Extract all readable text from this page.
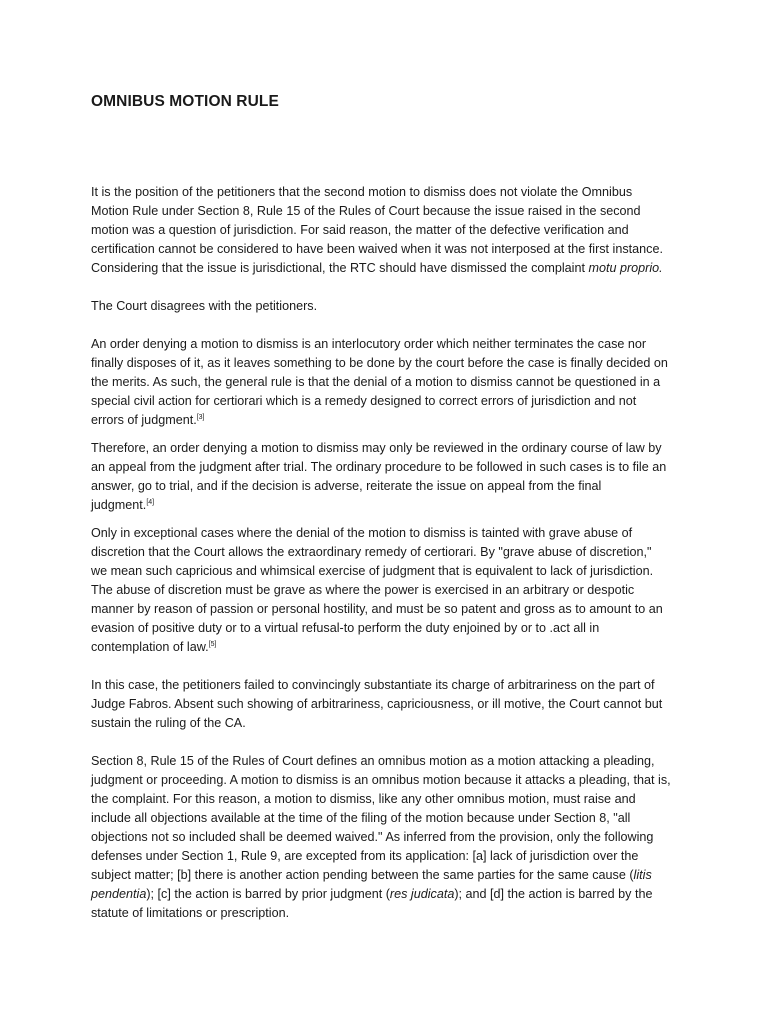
OMNIBUS MOTION RULE

It is the position of the petitioners that the second motion to dismiss does not violate the Omnibus
Motion Rule under Section 8, Rule 15 of the Rules of Court because the issue raised in the second
motion was a question of jurisdiction. For said reason, the matter of the defective verification and
certification cannot be considered to have been waived when it was not interposed at the first instance.
Considering that the issue is jurisdictional, the RTC should have dismissed the complaint motu proprio.

The Court disagrees with the petitioners.

An order denying a motion to dismiss is an interlocutory order which neither terminates the case nor
finally disposes of it, as it leaves something to be done by the court before the case is finally decided on
the merits. As such, the general rule is that the denial of a motion to dismiss cannot be questioned in a
special civil action for certiorari which is a remedy designed to correct errors of jurisdiction and not
errors of judgment.[3]

Therefore, an order denying a motion to dismiss may only be reviewed in the ordinary course of law by
an appeal from the judgment after trial. The ordinary procedure to be followed in such cases is to file an
answer, go to trial, and if the decision is adverse, reiterate the issue on appeal from the final
judgment.[4]

Only in exceptional cases where the denial of the motion to dismiss is tainted with grave abuse of
discretion that the Court allows the extraordinary remedy of certiorari. By "grave abuse of discretion,"
we mean such capricious and whimsical exercise of judgment that is equivalent to lack of jurisdiction.
The abuse of discretion must be grave as where the power is exercised in an arbitrary or despotic
manner by reason of passion or personal hostility, and must be so patent and gross as to amount to an
evasion of positive duty or to a virtual refusal-to perform the duty enjoined by or to .act all in
contemplation of law.[5]

In this case, the petitioners failed to convincingly substantiate its charge of arbitrariness on the part of
Judge Fabros. Absent such showing of arbitrariness, capriciousness, or ill motive, the Court cannot but
sustain the ruling of the CA.

Section 8, Rule 15 of the Rules of Court defines an omnibus motion as a motion attacking a pleading,
judgment or proceeding. A motion to dismiss is an omnibus motion because it attacks a pleading, that is,
the complaint. For this reason, a motion to dismiss, like any other omnibus motion, must raise and
include all objections available at the time of the filing of the motion because under Section 8, "all
objections not so included shall be deemed waived." As inferred from the provision, only the following
defenses under Section 1, Rule 9, are excepted from its application: [a] lack of jurisdiction over the
subject matter; [b] there is another action pending between the same parties for the same cause (litis
pendentia); [c] the action is barred by prior judgment (res judicata); and [d] the action is barred by the
statute of limitations or prescription.
